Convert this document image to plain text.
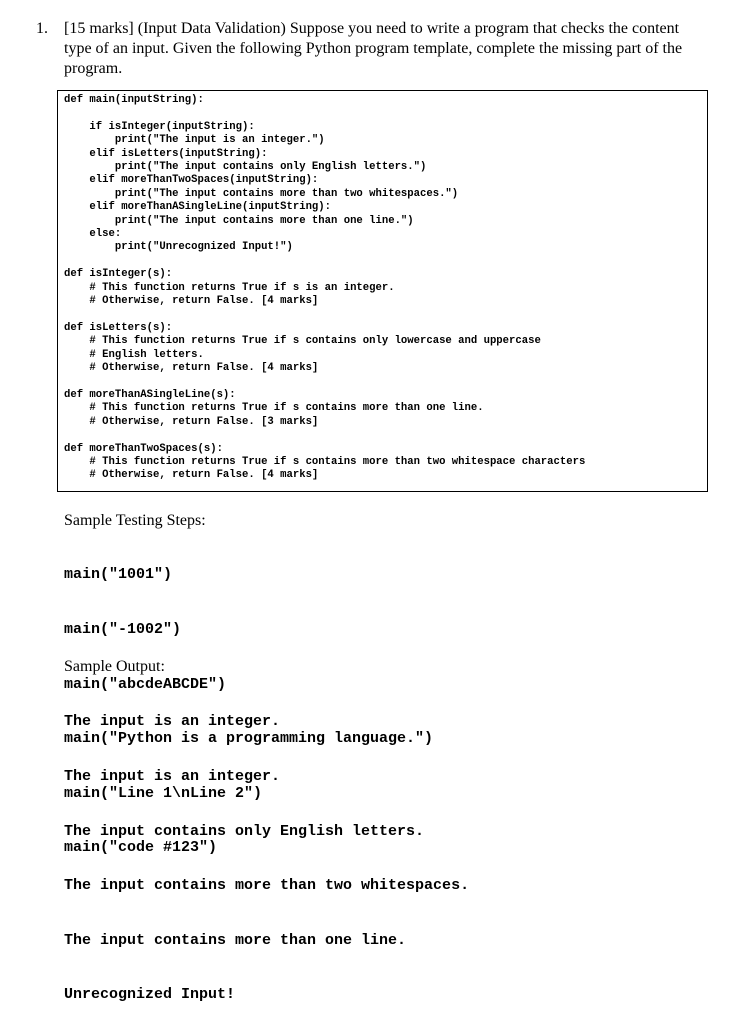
1. [15 marks] (Input Data Validation) Suppose you need to write a program that checks the content type of an input. Given the following Python program template, complete the missing part of the program.
def main(inputString):

if isInteger(inputString):
print("The input is an integer.")
elif isLetters(inputString):
print("The input contains only English letters.")
elif moreThanTwoSpaces(inputString):
print("The input contains more than two whitespaces.")
elif moreThanASingleLine(inputString):
print("The input contains more than one line.")
else:
print("Unrecognized Input!")

def isInteger(s):
# This function returns True if s is an integer.
# Otherwise, return False. [4 marks]

def isLetters(s):
# This function returns True if s contains only lowercase and uppercase
# English letters.
# Otherwise, return False. [4 marks]

def moreThanASingleLine(s):
# This function returns True if s contains more than one line.
# Otherwise, return False. [3 marks]

def moreThanTwoSpaces(s):
# This function returns True if s contains more than two whitespace characters
# Otherwise, return False. [4 marks]
Sample Testing Steps:

main("1001")

main("-1002")

main("abcdeABCDE")

main("Python is a programming language.")

main("Line 1\nLine 2")

main("code #123")

Sample Output:

The input is an integer.

The input is an integer.

The input contains only English letters.

The input contains more than two whitespaces.

The input contains more than one line.

Unrecognized Input!
